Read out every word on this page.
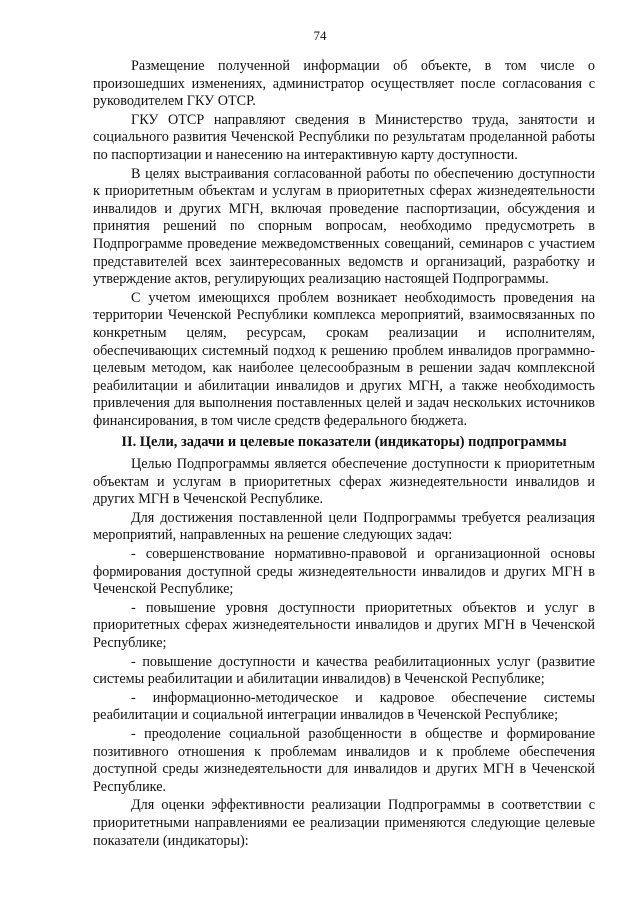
74

Размещение полученной информации об объекте, в том числе о произошедших изменениях, администратор осуществляет после согласования с руководителем ГКУ ОТСР.

ГКУ ОТСР направляют сведения в Министерство труда, занятости и социального развития Чеченской Республики по результатам проделанной работы по паспортизации и нанесению на интерактивную карту доступности.

В целях выстраивания согласованной работы по обеспечению доступности к приоритетным объектам и услугам в приоритетных сферах жизнедеятельности инвалидов и других МГН, включая проведение паспортизации, обсуждения и принятия решений по спорным вопросам, необходимо предусмотреть в Подпрограмме проведение межведомственных совещаний, семинаров с участием представителей всех заинтересованных ведомств и организаций, разработку и утверждение актов, регулирующих реализацию настоящей Подпрограммы.

С учетом имеющихся проблем возникает необходимость проведения на территории Чеченской Республики комплекса мероприятий, взаимосвязанных по конкретным целям, ресурсам, срокам реализации и исполнителям, обеспечивающих системный подход к решению проблем инвалидов программно-целевым методом, как наиболее целесообразным в решении задач комплексной реабилитации и абилитации инвалидов и других МГН, а также необходимость привлечения для выполнения поставленных целей и задач нескольких источников финансирования, в том числе средств федерального бюджета.

II. Цели, задачи и целевые показатели (индикаторы) подпрограммы

Целью Подпрограммы является обеспечение доступности к приоритетным объектам и услугам в приоритетных сферах жизнедеятельности инвалидов и других МГН в Чеченской Республике.

Для достижения поставленной цели Подпрограммы требуется реализация мероприятий, направленных на решение следующих задач:

- совершенствование нормативно-правовой и организационной основы формирования доступной среды жизнедеятельности инвалидов и других МГН в Чеченской Республике;

- повышение уровня доступности приоритетных объектов и услуг в приоритетных сферах жизнедеятельности инвалидов и других МГН в Чеченской Республике;

- повышение доступности и качества реабилитационных услуг (развитие системы реабилитации и абилитации инвалидов) в Чеченской Республике;

- информационно-методическое и кадровое обеспечение системы реабилитации и социальной интеграции инвалидов в Чеченской Республике;

- преодоление социальной разобщенности в обществе и формирование позитивного отношения к проблемам инвалидов и к проблеме обеспечения доступной среды жизнедеятельности для инвалидов и других МГН в Чеченской Республике.

Для оценки эффективности реализации Подпрограммы в соответствии с приоритетными направлениями ее реализации применяются следующие целевые показатели (индикаторы):
